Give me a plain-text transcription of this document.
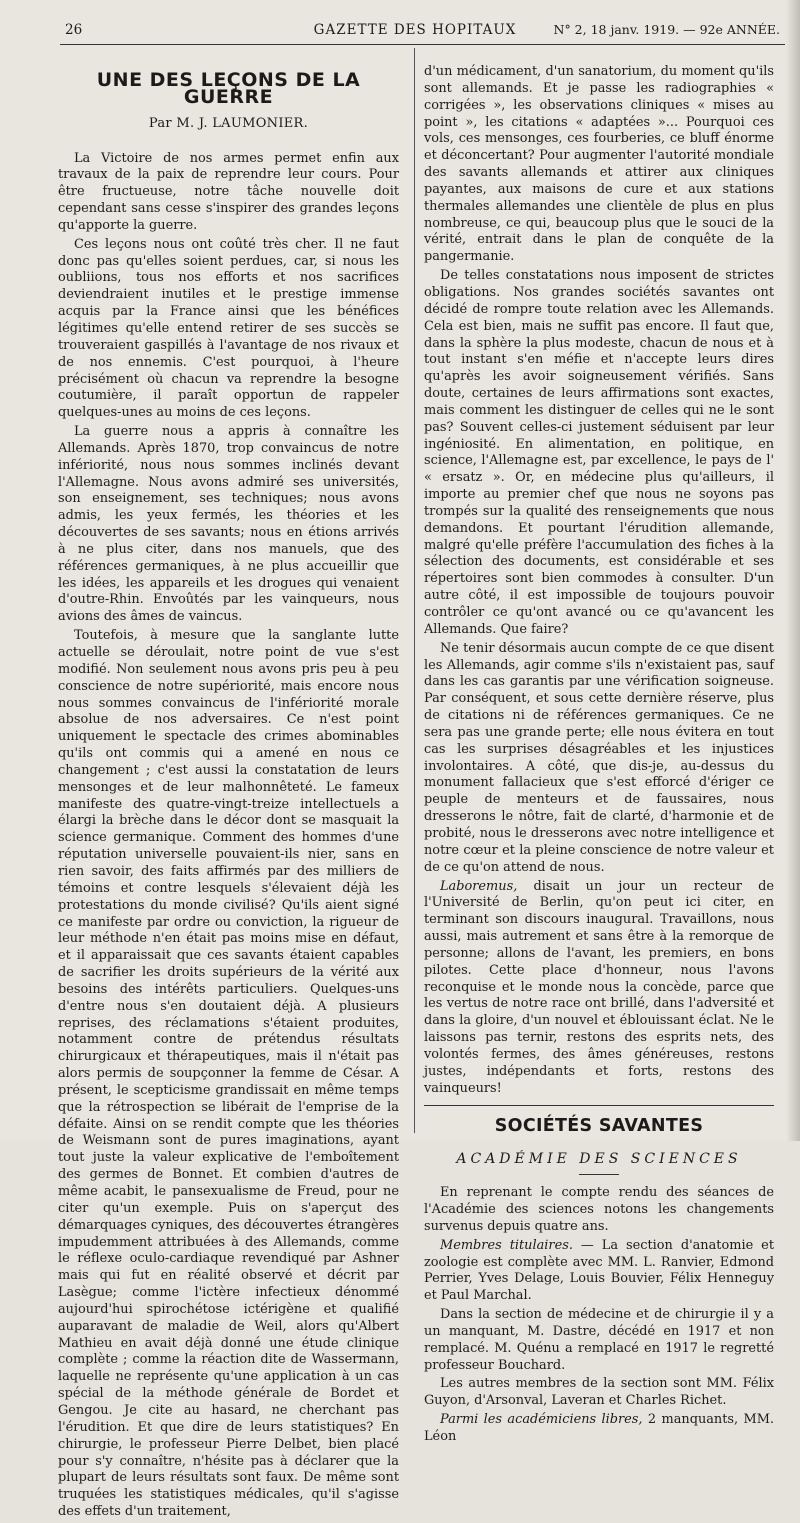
26	GAZETTE DES HOPITAUX	N° 2, 18 janv. 1919. — 92e ANNÉE.
UNE DES LEÇONS DE LA GUERRE
Par M. J. LAUMONIER.

La Victoire de nos armes permet enfin aux travaux de la paix de reprendre leur cours. Pour être fructueuse, notre tâche nouvelle doit cependant sans cesse s'inspirer des grandes leçons qu'apporte la guerre.

Ces leçons nous ont coûté très cher. Il ne faut donc pas qu'elles soient perdues, car, si nous les oubliions, tous nos efforts et nos sacrifices deviendraient inutiles et le prestige immense acquis par la France ainsi que les bénéfices légitimes qu'elle entend retirer de ses succès se trouveraient gaspillés à l'avantage de nos rivaux et de nos ennemis. C'est pourquoi, à l'heure précisément où chacun va reprendre la besogne coutumière, il paraît opportun de rappeler quelques-unes au moins de ces leçons.

La guerre nous a appris à connaître les Allemands. Après 1870, trop convaincus de notre infériorité, nous nous sommes inclinés devant l'Allemagne. Nous avons admiré ses universités, son enseignement, ses techniques; nous avons admis, les yeux fermés, les théories et les découvertes de ses savants; nous en étions arrivés à ne plus citer, dans nos manuels, que des références germaniques, à ne plus accueillir que les idées, les appareils et les drogues qui venaient d'outre-Rhin. Envoûtés par les vainqueurs, nous avions des âmes de vaincus.

Toutefois, à mesure que la sanglante lutte actuelle se déroulait, notre point de vue s'est modifié. Non seulement nous avons pris peu à peu conscience de notre supériorité, mais encore nous nous sommes convaincus de l'infériorité morale absolue de nos adversaires. Ce n'est point uniquement le spectacle des crimes abominables qu'ils ont commis qui a amené en nous ce changement ; c'est aussi la constatation de leurs mensonges et de leur malhonnêteté. Le fameux manifeste des quatre-vingt-treize intellectuels a élargi la brèche dans le décor dont se masquait la science germanique. Comment des hommes d'une réputation universelle pouvaient-ils nier, sans en rien savoir, des faits affirmés par des milliers de témoins et contre lesquels s'élevaient déjà les protestations du monde civilisé? Qu'ils aient signé ce manifeste par ordre ou conviction, la rigueur de leur méthode n'en était pas moins mise en défaut, et il apparaissait que ces savants étaient capables de sacrifier les droits supérieurs de la vérité aux besoins des intérêts particuliers. Quelques-uns d'entre nous s'en doutaient déjà. A plusieurs reprises, des réclamations s'étaient produites, notamment contre de prétendus résultats chirurgicaux et thérapeutiques, mais il n'était pas alors permis de soupçonner la femme de César. A présent, le scepticisme grandissait en même temps que la rétrospection se libérait de l'emprise de la défaite. Ainsi on se rendit compte que les théories de Weismann sont de pures imaginations, ayant tout juste la valeur explicative de l'emboîtement des germes de Bonnet. Et combien d'autres de même acabit, le pansexualisme de Freud, pour ne citer qu'un exemple. Puis on s'aperçut des démarquages cyniques, des découvertes étrangères impudemment attribuées à des Allemands, comme le réflexe oculo-cardiaque revendiqué par Ashner mais qui fut en réalité observé et décrit par Lasègue; comme l'ictère infectieux dénommé aujourd'hui spirochétose ictérigène et qualifié auparavant de maladie de Weil, alors qu'Albert Mathieu en avait déjà donné une étude clinique complète ; comme la réaction dite de Wassermann, laquelle ne représente qu'une application à un cas spécial de la méthode générale de Bordet et Gengou. Je cite au hasard, ne cherchant pas l'érudition. Et que dire de leurs statistiques? En chirurgie, le professeur Pierre Delbet, bien placé pour s'y connaître, n'hésite pas à déclarer que la plupart de leurs résultats sont faux. De même sont truquées les statistiques médicales, qu'il s'agisse des effets d'un traitement,

d'un médicament, d'un sanatorium, du moment qu'ils sont allemands. Et je passe les radiographies « corrigées », les observations cliniques « mises au point », les citations « adaptées »... Pourquoi ces vols, ces mensonges, ces fourberies, ce bluff énorme et déconcertant? Pour augmenter l'autorité mondiale des savants allemands et attirer aux cliniques payantes, aux maisons de cure et aux stations thermales allemandes une clientèle de plus en plus nombreuse, ce qui, beaucoup plus que le souci de la vérité, entrait dans le plan de conquête de la pangermanie.

De telles constatations nous imposent de strictes obligations. Nos grandes sociétés savantes ont décidé de rompre toute relation avec les Allemands. Cela est bien, mais ne suffit pas encore. Il faut que, dans la sphère la plus modeste, chacun de nous et à tout instant s'en méfie et n'accepte leurs dires qu'après les avoir soigneusement vérifiés. Sans doute, certaines de leurs affirmations sont exactes, mais comment les distinguer de celles qui ne le sont pas? Souvent celles-ci justement séduisent par leur ingéniosité. En alimentation, en politique, en science, l'Allemagne est, par excellence, le pays de l' « ersatz ». Or, en médecine plus qu'ailleurs, il importe au premier chef que nous ne soyons pas trompés sur la qualité des renseignements que nous demandons. Et pourtant l'érudition allemande, malgré qu'elle préfère l'accumulation des fiches à la sélection des documents, est considérable et ses répertoires sont bien commodes à consulter. D'un autre côté, il est impossible de toujours pouvoir contrôler ce qu'ont avancé ou ce qu'avancent les Allemands. Que faire?

Ne tenir désormais aucun compte de ce que disent les Allemands, agir comme s'ils n'existaient pas, sauf dans les cas garantis par une vérification soigneuse. Par conséquent, et sous cette dernière réserve, plus de citations ni de références germaniques. Ce ne sera pas une grande perte; elle nous évitera en tout cas les surprises désagréables et les injustices involontaires. A côté, que dis-je, au-dessus du monument fallacieux que s'est efforcé d'ériger ce peuple de menteurs et de faussaires, nous dresserons le nôtre, fait de clarté, d'harmonie et de probité, nous le dresserons avec notre intelligence et notre cœur et la pleine conscience de notre valeur et de ce qu'on attend de nous.

Laboremus, disait un jour un recteur de l'Université de Berlin, qu'on peut ici citer, en terminant son discours inaugural. Travaillons, nous aussi, mais autrement et sans être à la remorque de personne; allons de l'avant, les premiers, en bons pilotes. Cette place d'honneur, nous l'avons reconquise et le monde nous la concède, parce que les vertus de notre race ont brillé, dans l'adversité et dans la gloire, d'un nouvel et éblouissant éclat. Ne le laissons pas ternir, restons des esprits nets, des volontés fermes, des âmes généreuses, restons justes, indépendants et forts, restons des vainqueurs!

SOCIÉTÉS SAVANTES
ACADÉMIE DES SCIENCES

En reprenant le compte rendu des séances de l'Académie des sciences notons les changements survenus depuis quatre ans.

Membres titulaires. — La section d'anatomie et zoologie est complète avec MM. L. Ranvier, Edmond Perrier, Yves Delage, Louis Bouvier, Félix Henneguy et Paul Marchal.

Dans la section de médecine et de chirurgie il y a un manquant, M. Dastre, décédé en 1917 et non remplacé. M. Quénu a remplacé en 1917 le regretté professeur Bouchard.

Les autres membres de la section sont MM. Félix Guyon, d'Arsonval, Laveran et Charles Richet.

Parmi les académiciens libres, 2 manquants, MM. Léon
